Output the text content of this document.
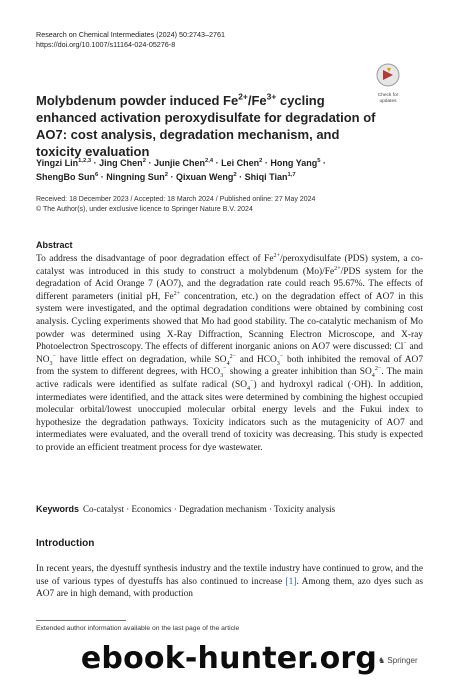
Research on Chemical Intermediates (2024) 50:2743–2761
https://doi.org/10.1007/s11164-024-05276-8
Check for
updates
Molybdenum powder induced $Fe^{2+}/Fe^{3+}$ cycling enhanced activation peroxydisulfate for degradation of AO7: cost analysis, degradation mechanism, and toxicity evaluation
Yingzi Lin$^{1,2,3}$ · Jing Chen$^2$ · Junjie Chen$^{2,4}$ · Lei Chen$^2$ · Hong Yang$^5$ ·
ShengBo Sun$^6$ · Ningning Sun$^2$ · Qixuan Weng$^2$ · Shiqi Tian$^{1,7}$
Received: 18 December 2023 / Accepted: 18 March 2024 / Published online: 27 May 2024
© The Author(s), under exclusive licence to Springer Nature B.V. 2024
Abstract
To address the disadvantage of poor degradation effect of $Fe^{2+}$/peroxydisulfate (PDS) system, a co-catalyst was introduced in this study to construct a molybdenum $(Mo)/Fe^{2+}$/PDS system for the degradation of Acid Orange 7 (AO7), and the degradation rate could reach 95.67%. The effects of different parameters (initial pH, $Fe^{2+}$ concentration, etc.) on the degradation effect of AO7 in this system were investigated, and the optimal degradation conditions were obtained by combining cost analysis. Cycling experiments showed that Mo had good stability. The co-catalytic mechanism of Mo powder was determined using X-Ray Diffraction, Scanning Electron Microscope, and X-ray Photoelectron Spectroscopy. The effects of different inorganic anions on AO7 were discussed: Cl− and $NO_3^-$ have little effect on degradation, while $SO_4^{2-}$ and $HCO_3^-$ both inhibited the removal of AO7 from the system to different degrees, with $HCO_3^-$ showing a greater inhibition than $SO_4^{2-}$. The main active radicals were identified as sulfate radical $(SO_4^-)$ and hydroxyl radical (·OH). In addition, intermediates were identified, and the attack sites were determined by combining the highest occupied molecular orbital/lowest unoccupied molecular orbital energy levels and the Fukui index to hypothesize the degradation pathways. Toxicity indicators such as the mutagenicity of AO7 and intermediates were evaluated, and the overall trend of toxicity was decreasing. This study is expected to provide an efficient treatment process for dye wastewater.
Keywords Co-catalyst · Economics · Degradation mechanism · Toxicity analysis
Introduction
In recent years, the dyestuff synthesis industry and the textile industry have continued to grow, and the use of various types of dyestuffs has also continued to increase [1]. Among them, azo dyes such as AO7 are in high demand, with production
Extended author information available on the last page of the article
♞ Springer
ebook-hunter.org
